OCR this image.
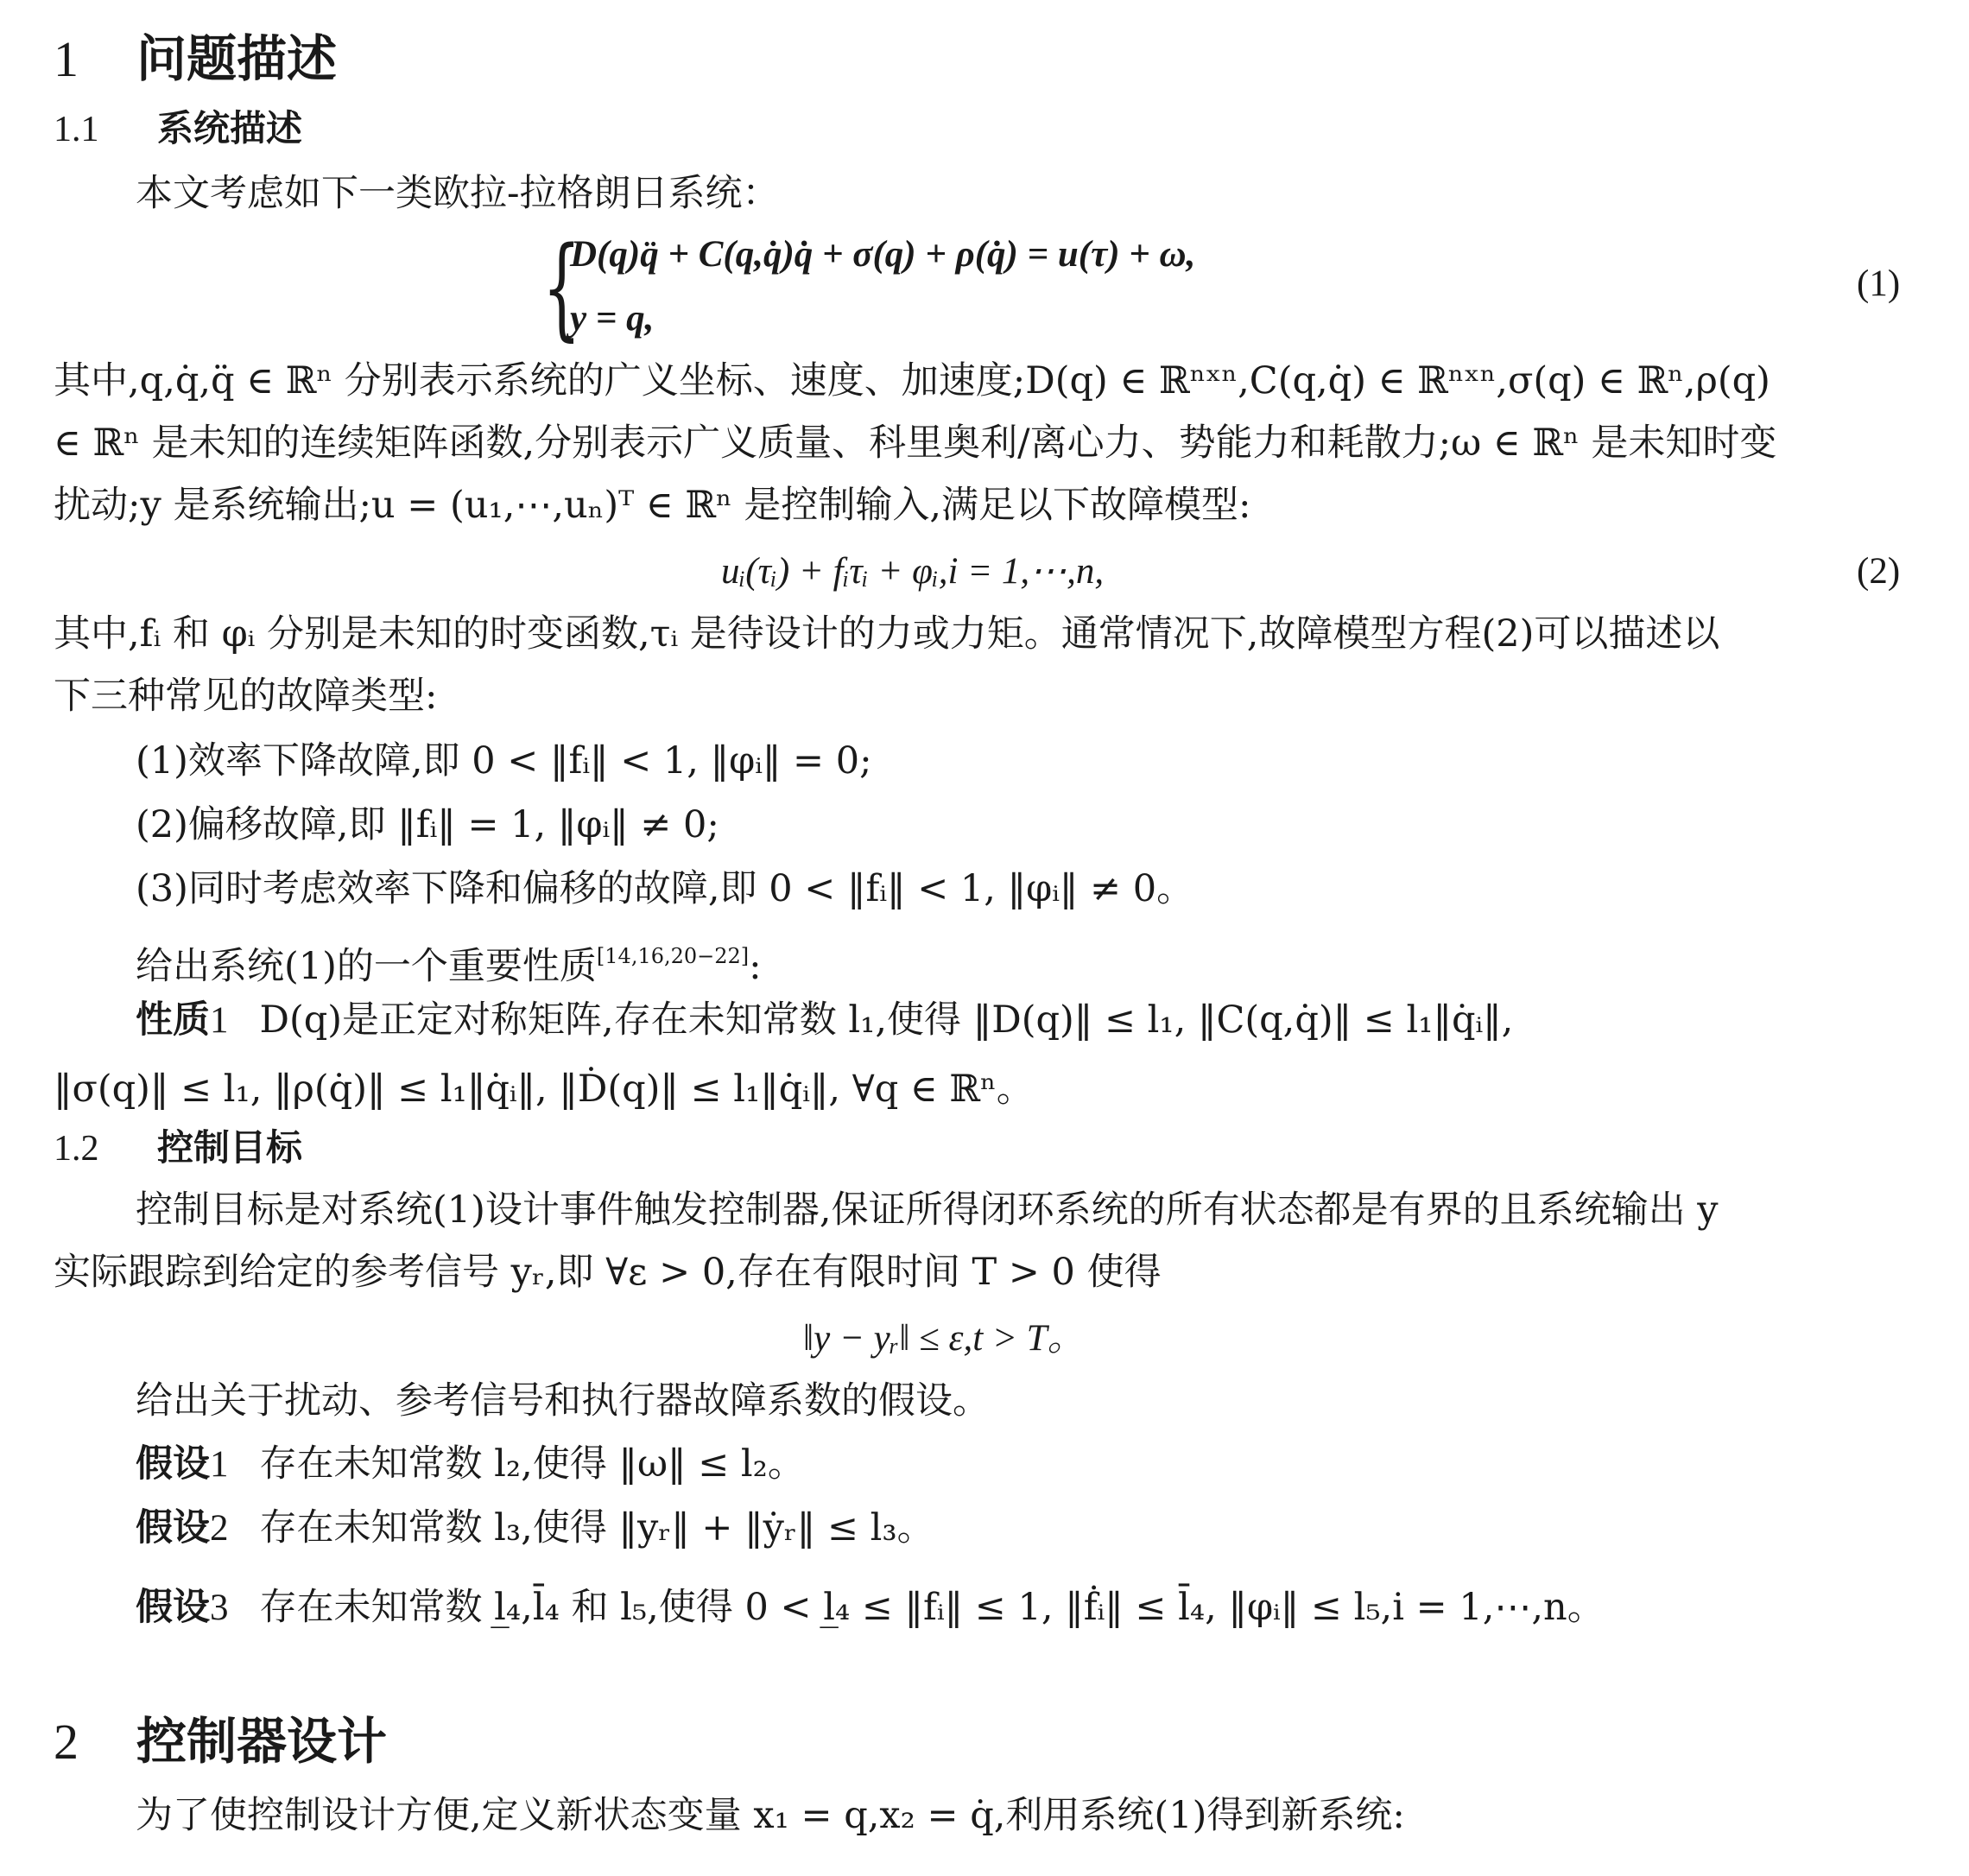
1 问题描述
1.1 系统描述
本文考虑如下一类欧拉-拉格朗日系统：
{
D(q)q̈ + C(q,q̇)q̇ + σ(q) + ρ(q̇) = u(τ) + ω,
y = q,
(1)
其中,q,q̇,q̈ ∈ ℝⁿ 分别表示系统的广义坐标、速度、加速度;D(q) ∈ ℝⁿˣⁿ,C(q,q̇) ∈ ℝⁿˣⁿ,σ(q) ∈ ℝⁿ,ρ(q)
∈ ℝⁿ 是未知的连续矩阵函数,分别表示广义质量、科里奥利/离心力、势能力和耗散力;ω ∈ ℝⁿ 是未知时变
扰动;y 是系统输出;u = (u₁,⋯,uₙ)ᵀ ∈ ℝⁿ 是控制输入,满足以下故障模型:
uᵢ(τᵢ) + fᵢτᵢ + φᵢ,i = 1,⋯,n,	(2)
其中,fᵢ 和 φᵢ 分别是未知的时变函数,τᵢ 是待设计的力或力矩。通常情况下,故障模型方程(2)可以描述以
下三种常见的故障类型:
(1)效率下降故障,即 0 < ‖fᵢ‖ < 1, ‖φᵢ‖ = 0;
(2)偏移故障,即 ‖fᵢ‖ = 1, ‖φᵢ‖ ≠ 0;
(3)同时考虑效率下降和偏移的故障,即 0 < ‖fᵢ‖ < 1, ‖φᵢ‖ ≠ 0。
给出系统(1)的一个重要性质[14,16,20−22]:
性质1 D(q)是正定对称矩阵,存在未知常数 l₁,使得 ‖D(q)‖ ≤ l₁, ‖C(q,q̇)‖ ≤ l₁‖q̇ᵢ‖,
‖σ(q)‖ ≤ l₁, ‖ρ(q̇)‖ ≤ l₁‖q̇ᵢ‖, ‖Ḋ(q)‖ ≤ l₁‖q̇ᵢ‖, ∀q ∈ ℝⁿ。
1.2 控制目标
控制目标是对系统(1)设计事件触发控制器,保证所得闭环系统的所有状态都是有界的且系统输出 y
实际跟踪到给定的参考信号 yᵣ,即 ∀ε > 0,存在有限时间 T > 0 使得
‖y − yᵣ‖ ≤ ε,t > T。
给出关于扰动、参考信号和执行器故障系数的假设。
假设1 存在未知常数 l₂,使得 ‖ω‖ ≤ l₂。
假设2 存在未知常数 l₃,使得 ‖yᵣ‖ + ‖ẏᵣ‖ ≤ l₃。
假设3 存在未知常数 l̲₄,l̄₄ 和 l₅,使得 0 < l̲₄ ≤ ‖fᵢ‖ ≤ 1, ‖ḟᵢ‖ ≤ l̄₄, ‖φᵢ‖ ≤ l₅,i = 1,⋯,n。
2 控制器设计
为了使控制设计方便,定义新状态变量 x₁ = q,x₂ = q̇,利用系统(1)得到新系统:
